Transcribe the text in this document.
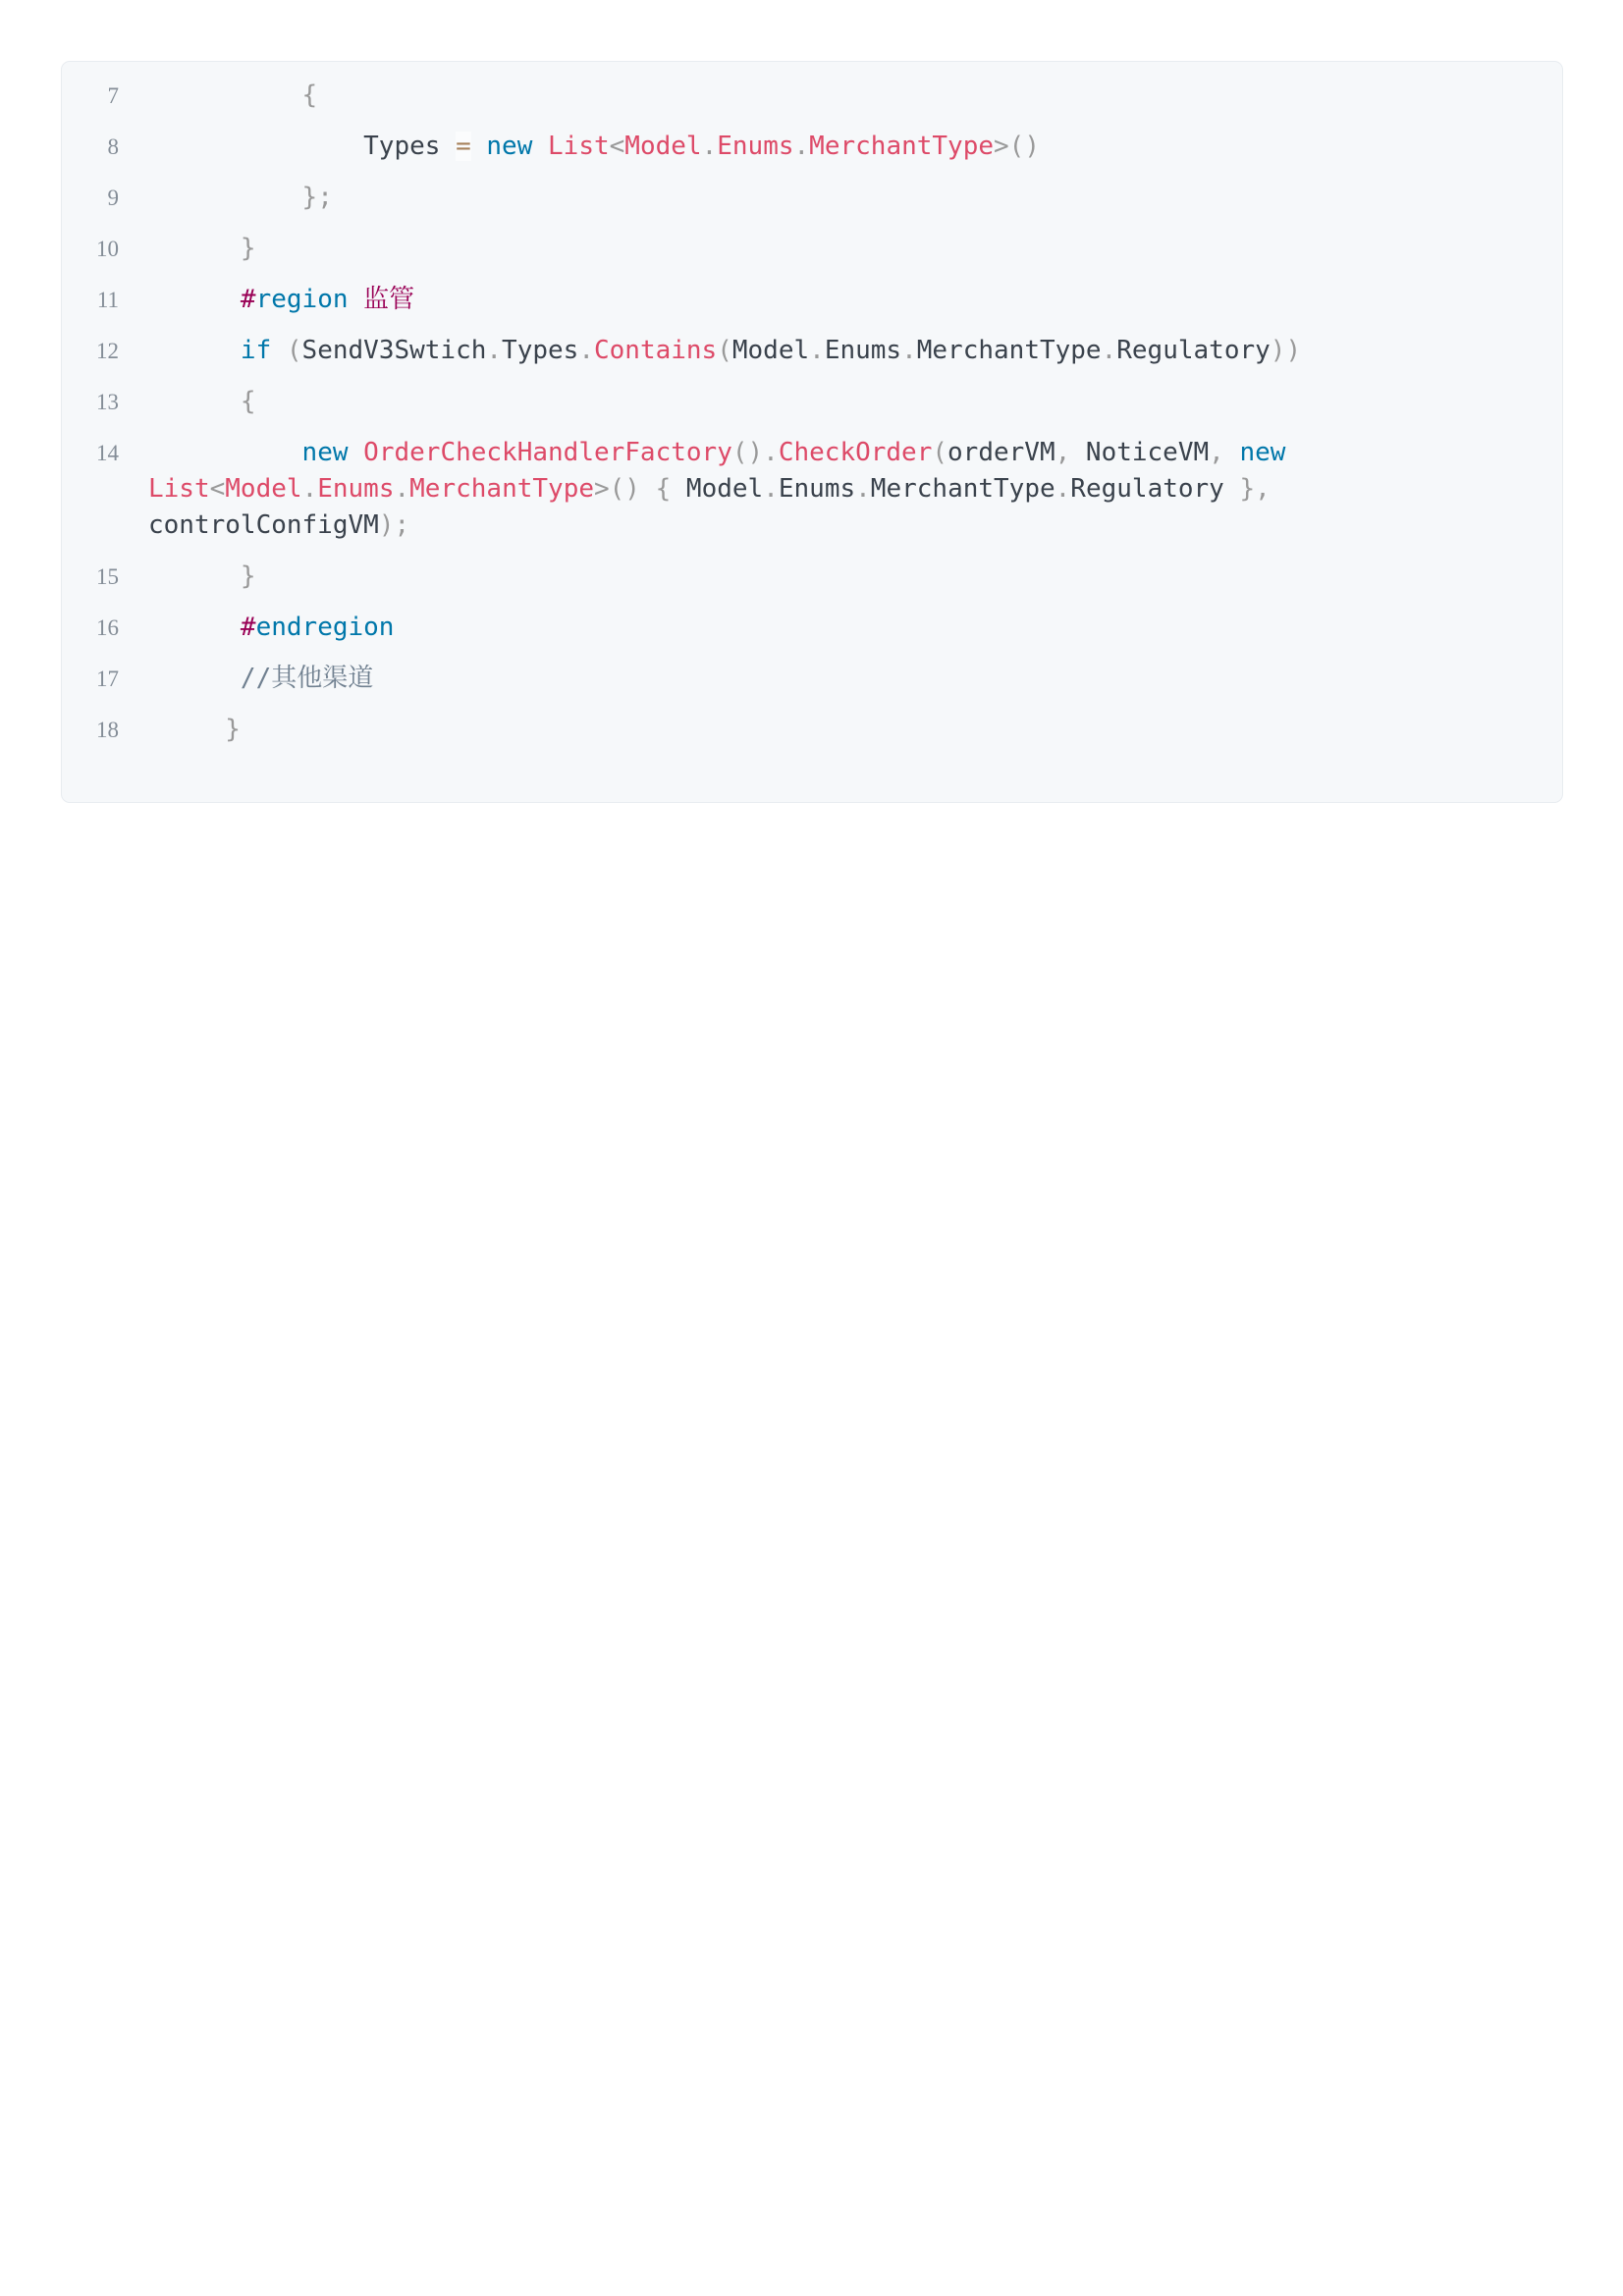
7	{
8	Types = new List<Model.Enums.MerchantType>()
9	};
10	}
11	#region 监管
12	if (SendV3Swtich.Types.Contains(Model.Enums.MerchantType.Regulatory))
13	{
14	new OrderCheckHandlerFactory().CheckOrder(orderVM, NoticeVM, new List<Model.Enums.MerchantType>() { Model.Enums.MerchantType.Regulatory }, controlConfigVM);
15	}
16	#endregion
17	//其他渠道
18	}
